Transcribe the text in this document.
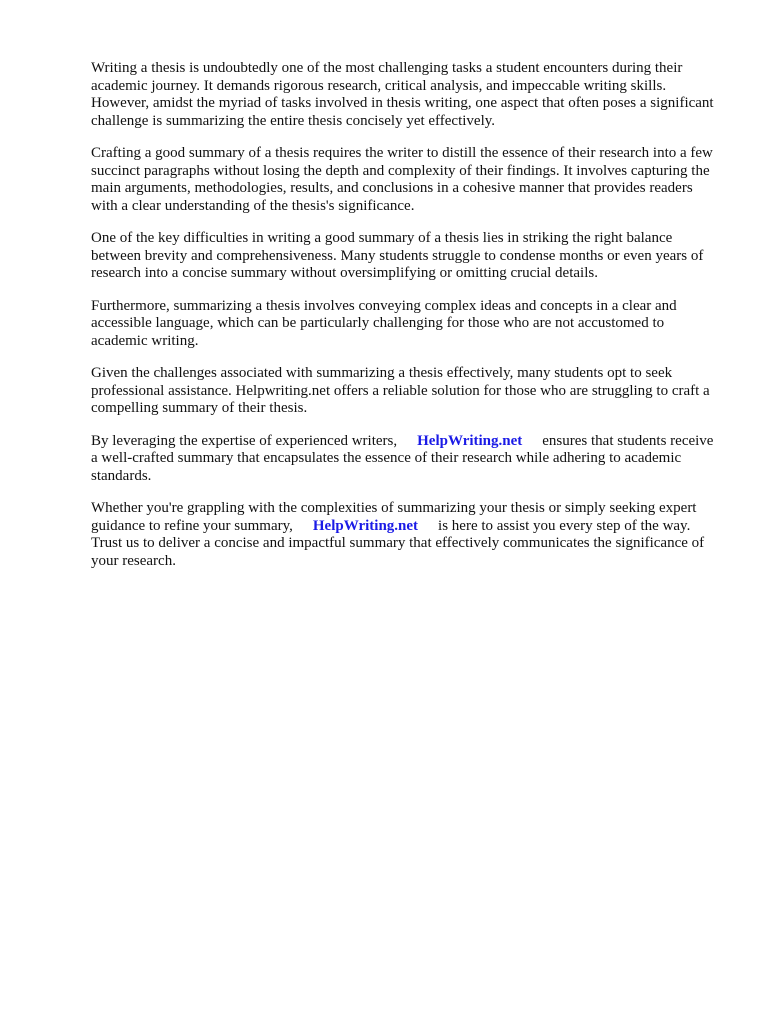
Writing a thesis is undoubtedly one of the most challenging tasks a student encounters during their academic journey. It demands rigorous research, critical analysis, and impeccable writing skills. However, amidst the myriad of tasks involved in thesis writing, one aspect that often poses a significant challenge is summarizing the entire thesis concisely yet effectively.

Crafting a good summary of a thesis requires the writer to distill the essence of their research into a few succinct paragraphs without losing the depth and complexity of their findings. It involves capturing the main arguments, methodologies, results, and conclusions in a cohesive manner that provides readers with a clear understanding of the thesis's significance.

One of the key difficulties in writing a good summary of a thesis lies in striking the right balance between brevity and comprehensiveness. Many students struggle to condense months or even years of research into a concise summary without oversimplifying or omitting crucial details.

Furthermore, summarizing a thesis involves conveying complex ideas and concepts in a clear and accessible language, which can be particularly challenging for those who are not accustomed to academic writing.

Given the challenges associated with summarizing a thesis effectively, many students opt to seek professional assistance. Helpwriting.net offers a reliable solution for those who are struggling to craft a compelling summary of their thesis.

By leveraging the expertise of experienced writers, HelpWriting.net ensures that students receive a well-crafted summary that encapsulates the essence of their research while adhering to academic standards.

Whether you're grappling with the complexities of summarizing your thesis or simply seeking expert guidance to refine your summary, HelpWriting.net is here to assist you every step of the way. Trust us to deliver a concise and impactful summary that effectively communicates the significance of your research.
